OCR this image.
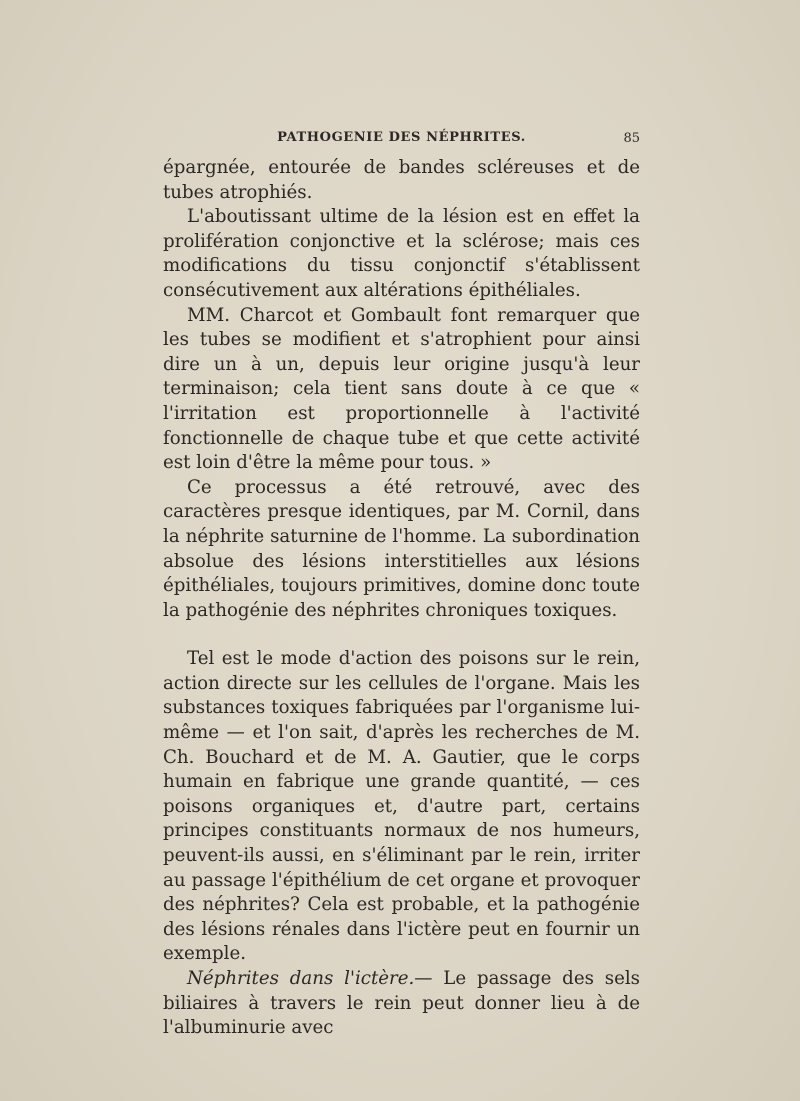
PATHOGENIE DES NÉPHRITES.	85

épargnée, entourée de bandes scléreuses et de tubes atrophiés.

L'aboutissant ultime de la lésion est en effet la prolifération conjonctive et la sclérose; mais ces modifications du tissu conjonctif s'établissent consécutivement aux altérations épithéliales.

MM. Charcot et Gombault font remarquer que les tubes se modifient et s'atrophient pour ainsi dire un à un, depuis leur origine jusqu'à leur terminaison; cela tient sans doute à ce que « l'irritation est proportionnelle à l'activité fonctionnelle de chaque tube et que cette activité est loin d'être la même pour tous. »

Ce processus a été retrouvé, avec des caractères presque identiques, par M. Cornil, dans la néphrite saturnine de l'homme. La subordination absolue des lésions interstitielles aux lésions épithéliales, toujours primitives, domine donc toute la pathogénie des néphrites chroniques toxiques.

Tel est le mode d'action des poisons sur le rein, action directe sur les cellules de l'organe. Mais les substances toxiques fabriquées par l'organisme lui-même — et l'on sait, d'après les recherches de M. Ch. Bouchard et de M. A. Gautier, que le corps humain en fabrique une grande quantité, — ces poisons organiques et, d'autre part, certains principes constituants normaux de nos humeurs, peuvent-ils aussi, en s'éliminant par le rein, irriter au passage l'épithélium de cet organe et provoquer des néphrites? Cela est probable, et la pathogénie des lésions rénales dans l'ictère peut en fournir un exemple.

Néphrites dans l'ictère.— Le passage des sels biliaires à travers le rein peut donner lieu à de l'albuminurie avec
